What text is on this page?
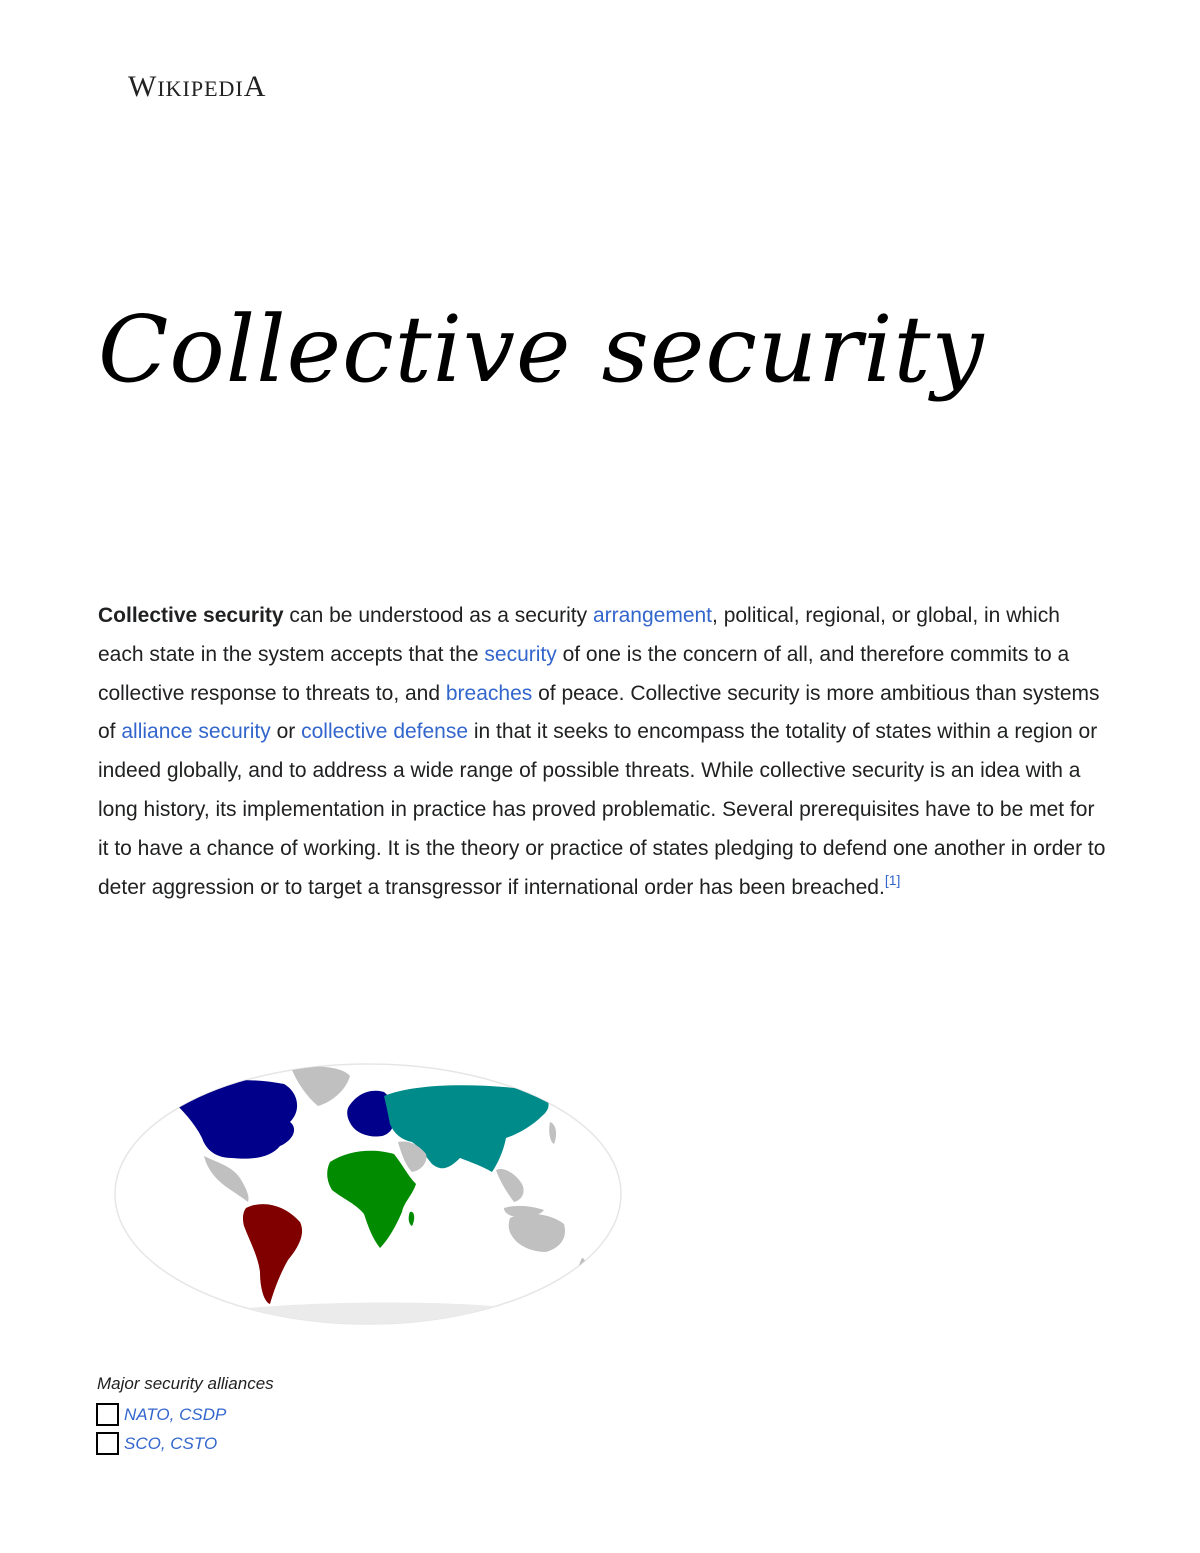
WIKIPEDIA
Collective security

Collective security can be understood as a security arrangement, political, regional, or global, in which each state in the system accepts that the security of one is the concern of all, and therefore commits to a collective response to threats to, and breaches of peace. Collective security is more ambitious than systems of alliance security or collective defense in that it seeks to encompass the totality of states within a region or indeed globally, and to address a wide range of possible threats. While collective security is an idea with a long history, its implementation in practice has proved problematic. Several prerequisites have to be met for it to have a chance of working. It is the theory or practice of states pledging to defend one another in order to deter aggression or to target a transgressor if international order has been breached.[1]

Major security alliances

NATO, CSDP
SCO, CSTO
